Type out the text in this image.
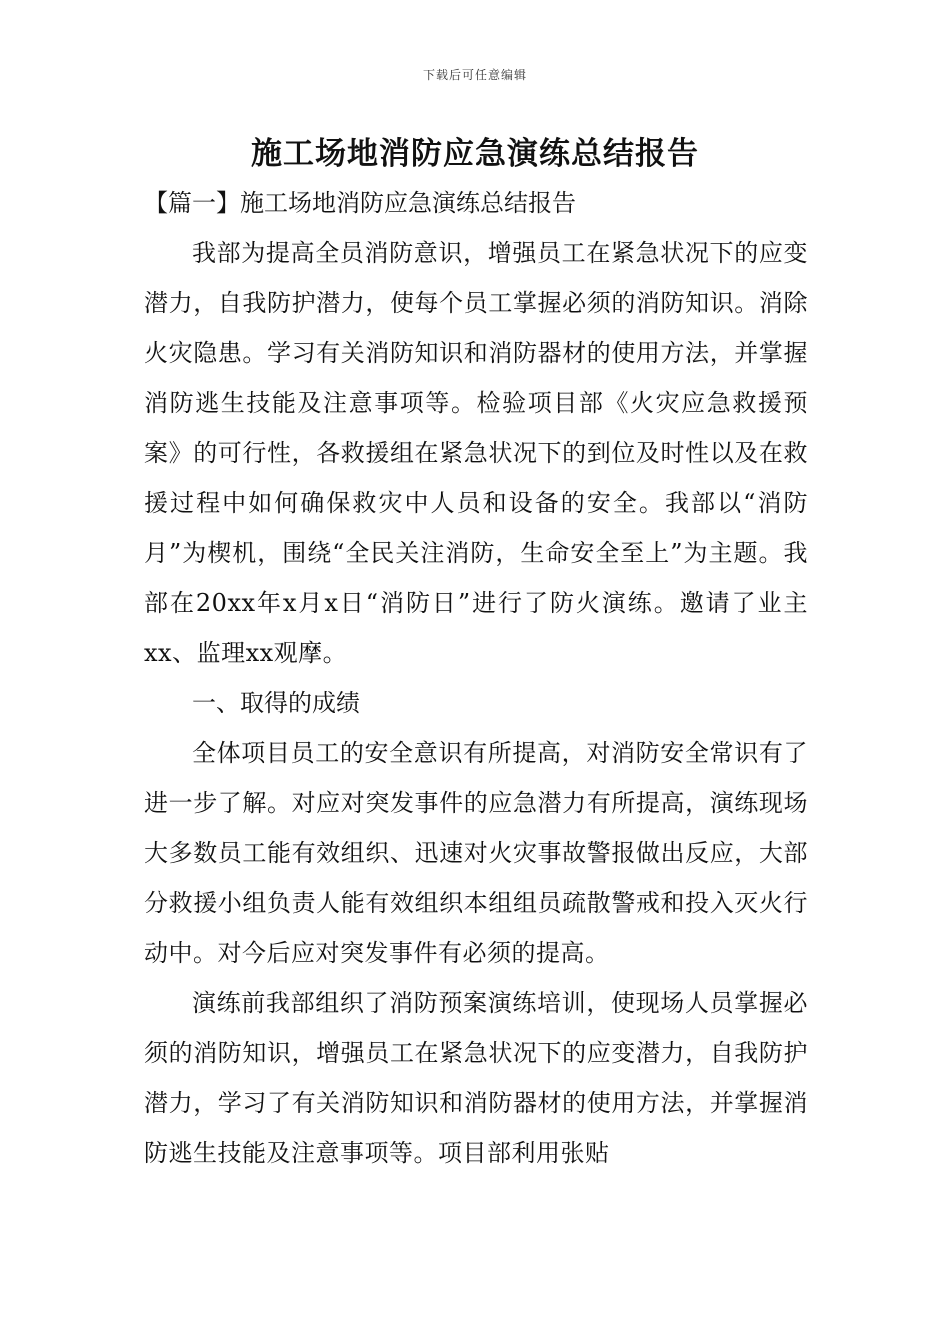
下载后可任意编辑
施工场地消防应急演练总结报告

【篇一】施工场地消防应急演练总结报告

我部为提高全员消防意识，增强员工在紧急状况下的应变潜力，自我防护潜力，使每个员工掌握必须的消防知识。消除火灾隐患。学习有关消防知识和消防器材的使用方法，并掌握消防逃生技能及注意事项等。检验项目部《火灾应急救援预案》的可行性，各救援组在紧急状况下的到位及时性以及在救援过程中如何确保救灾中人员和设备的安全。我部以“消防月”为楔机，围绕“全民关注消防，生命安全至上”为主题。我部在20xx年x月x日“消防日”进行了防火演练。邀请了业主xx、监理xx观摩。

一、取得的成绩

全体项目员工的安全意识有所提高，对消防安全常识有了进一步了解。对应对突发事件的应急潜力有所提高，演练现场大多数员工能有效组织、迅速对火灾事故警报做出反应，大部分救援小组负责人能有效组织本组组员疏散警戒和投入灭火行动中。对今后应对突发事件有必须的提高。

演练前我部组织了消防预案演练培训，使现场人员掌握必须的消防知识，增强员工在紧急状况下的应变潜力，自我防护潜力，学习了有关消防知识和消防器材的使用方法，并掌握消防逃生技能及注意事项等。项目部利用张贴
